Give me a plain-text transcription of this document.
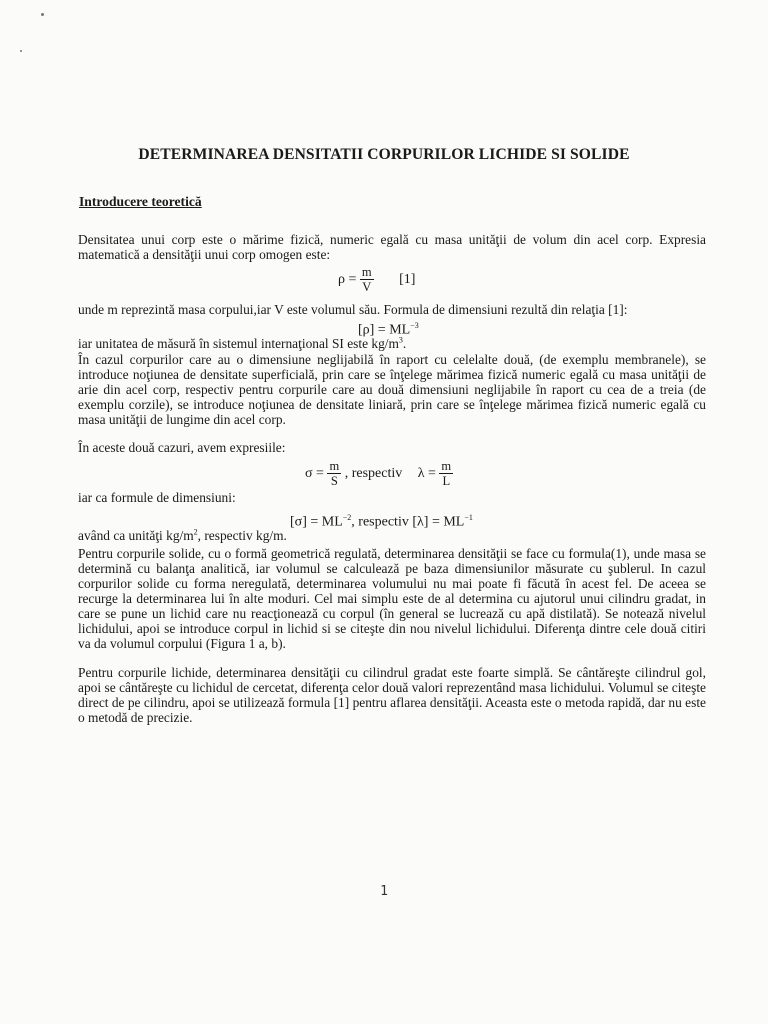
DETERMINAREA DENSITATII CORPURILOR LICHIDE SI SOLIDE
Introducere teoretică
Densitatea unui corp este o mărime fizică, numeric egală cu masa unităţii de volum din acel corp. Expresia matematică a densităţii unui corp omogen este:
$\rho = \frac{m}{V} [1]$
unde m reprezintă masa corpului,iar V este volumul său. Formula de dimensiuni rezultă din relaţia [1]:
$[\rho] = ML^{-3}$
iar unitatea de măsură în sistemul internaţional SI este $kg/m^3$.
În cazul corpurilor care au o dimensiune neglijabilă în raport cu celelalte două, (de exemplu membranele), se introduce noţiunea de densitate superficială, prin care se înţelege mărimea fizică numeric egală cu masa unităţii de arie din acel corp, respectiv pentru corpurile care au două dimensiuni neglijabile în raport cu cea de a treia (de exemplu corzile), se introduce noţiunea de densitate liniară, prin care se înţelege mărimea fizică numeric egală cu masa unităţii de lungime din acel corp.
În aceste două cazuri, avem expresiile:
$\sigma = \frac{m}{S}$ , respectiv $\lambda = \frac{m}{L}$
iar ca formule de dimensiuni:
$[\sigma] = ML^{-2}$, respectiv $[\lambda] = ML^{-1}$
având ca unităţi $kg/m^2$, respectiv kg/m.
Pentru corpurile solide, cu o formă geometrică regulată, determinarea densităţii se face cu formula(1), unde masa se determină cu balanţa analitică, iar volumul se calculează pe baza dimensiunilor măsurate cu şublerul. In cazul corpurilor solide cu forma neregulată, determinarea volumului nu mai poate fi făcută în acest fel. De aceea se recurge la determinarea lui în alte moduri. Cel mai simplu este de al determina cu ajutorul unui cilindru gradat, in care se pune un lichid care nu reacţionează cu corpul (în general se lucrează cu apă distilată). Se notează nivelul lichidului, apoi se introduce corpul in lichid si se citeşte din nou nivelul lichidului. Diferenţa dintre cele două citiri va da volumul corpului (Figura 1 a, b).
Pentru corpurile lichide, determinarea densităţii cu cilindrul gradat este foarte simplă. Se cântăreşte cilindrul gol, apoi se cântăreşte cu lichidul de cercetat, diferenţa celor două valori reprezentând masa lichidului. Volumul se citeşte direct de pe cilindru, apoi se utilizează formula [1] pentru aflarea densităţii. Aceasta este o metoda rapidă, dar nu este o metodă de precizie.
1
